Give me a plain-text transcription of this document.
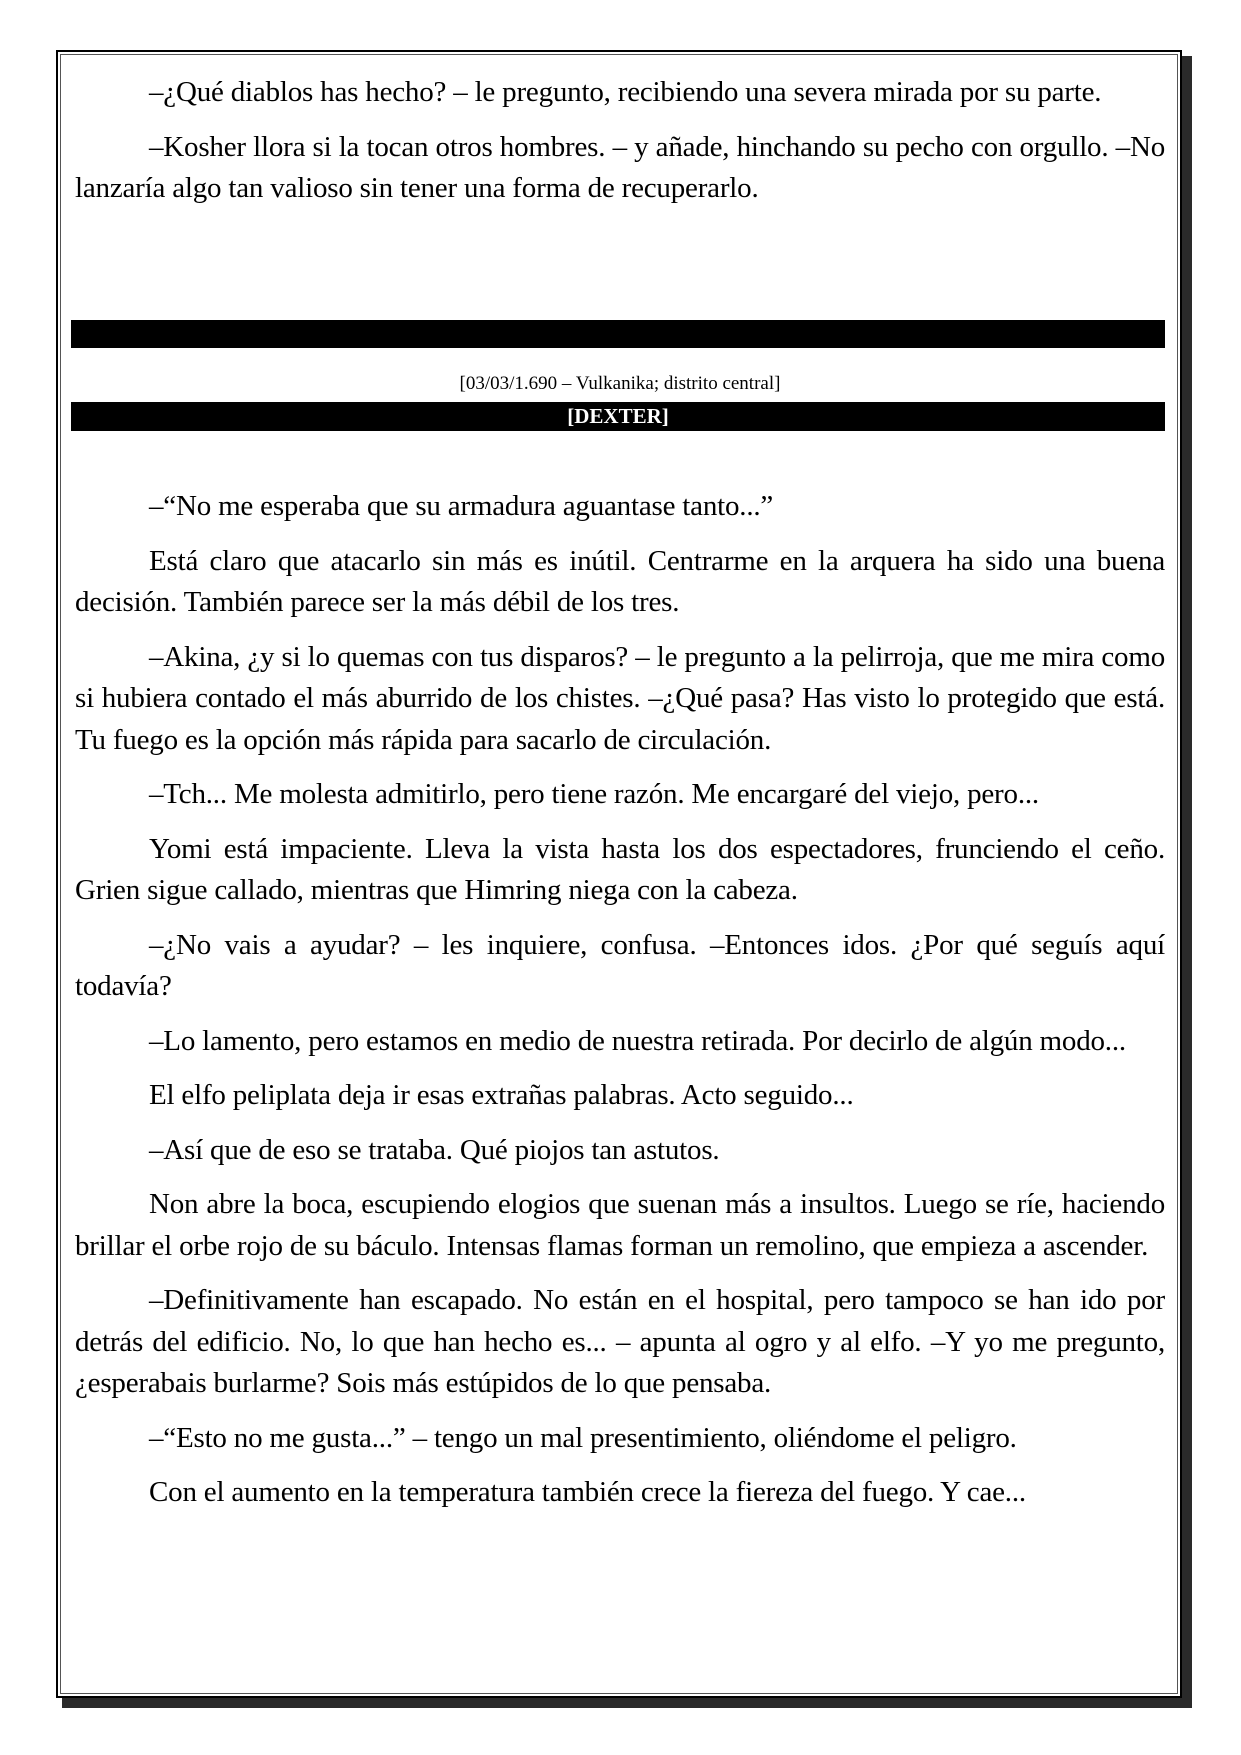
–¿Qué diablos has hecho? – le pregunto, recibiendo una severa mirada por su parte.

–Kosher llora si la tocan otros hombres. – y añade, hinchando su pecho con orgullo. –No lanzaría algo tan valioso sin tener una forma de recuperarlo.

[03/03/1.690 – Vulkanika; distrito central]
[DEXTER]

–“No me esperaba que su armadura aguantase tanto...”

Está claro que atacarlo sin más es inútil. Centrarme en la arquera ha sido una buena decisión. También parece ser la más débil de los tres.

–Akina, ¿y si lo quemas con tus disparos? – le pregunto a la pelirroja, que me mira como si hubiera contado el más aburrido de los chistes. –¿Qué pasa? Has visto lo protegido que está. Tu fuego es la opción más rápida para sacarlo de circulación.

–Tch... Me molesta admitirlo, pero tiene razón. Me encargaré del viejo, pero...

Yomi está impaciente. Lleva la vista hasta los dos espectadores, frunciendo el ceño. Grien sigue callado, mientras que Himring niega con la cabeza.

–¿No vais a ayudar? – les inquiere, confusa. –Entonces idos. ¿Por qué seguís aquí todavía?

–Lo lamento, pero estamos en medio de nuestra retirada. Por decirlo de algún modo...

El elfo peliplata deja ir esas extrañas palabras. Acto seguido...

–Así que de eso se trataba. Qué piojos tan astutos.

Non abre la boca, escupiendo elogios que suenan más a insultos. Luego se ríe, haciendo brillar el orbe rojo de su báculo. Intensas flamas forman un remolino, que empieza a ascender.

–Definitivamente han escapado. No están en el hospital, pero tampoco se han ido por detrás del edificio. No, lo que han hecho es... – apunta al ogro y al elfo. –Y yo me pregunto, ¿esperabais burlarme? Sois más estúpidos de lo que pensaba.

–“Esto no me gusta...” – tengo un mal presentimiento, oliéndome el peligro.

Con el aumento en la temperatura también crece la fiereza del fuego. Y cae...
